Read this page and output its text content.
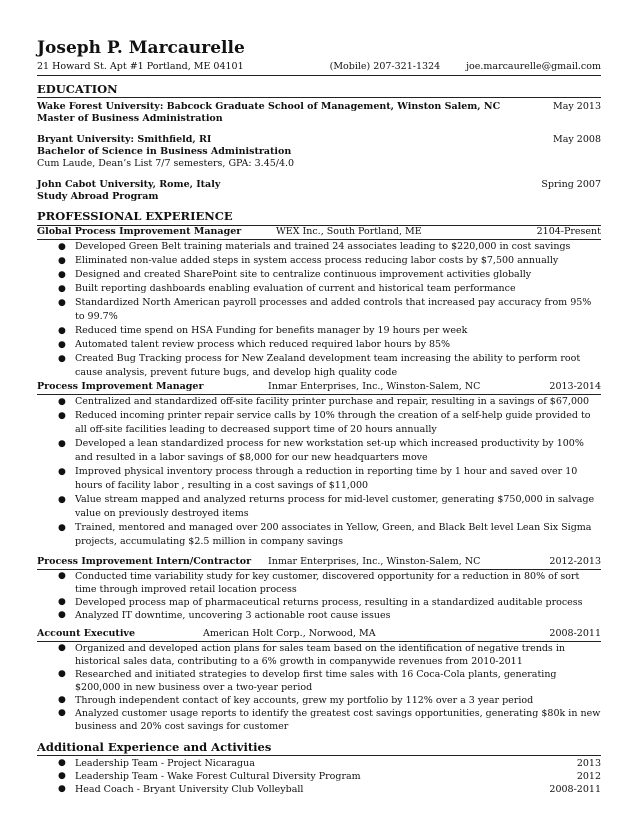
Joseph P. Marcaurelle
21 Howard St. Apt #1 Portland, ME 04101	(Mobile) 207-321-1324	joe.marcaurelle@gmail.com
EDUCATION
Wake Forest University: Babcock Graduate School of Management, Winston Salem, NC	May 2013
Master of Business Administration
Bryant University: Smithfield, RI	May 2008
Bachelor of Science in Business Administration
Cum Laude, Dean’s List 7/7 semesters, GPA: 3.45/4.0
John Cabot University, Rome, Italy	Spring 2007
Study Abroad Program
PROFESSIONAL EXPERIENCE
Global Process Improvement Manager	WEX Inc., South Portland, ME	2104-Present
● Developed Green Belt training materials and trained 24 associates leading to $220,000 in cost savings
● Eliminated non-value added steps in system access process reducing labor costs by $7,500 annually
● Designed and created SharePoint site to centralize continuous improvement activities globally
● Built reporting dashboards enabling evaluation of current and historical team performance
● Standardized North American payroll processes and added controls that increased pay accuracy from 95% to 99.7%
● Reduced time spend on HSA Funding for benefits manager by 19 hours per week
● Automated talent review process which reduced required labor hours by 85%
● Created Bug Tracking process for New Zealand development team increasing the ability to perform root cause analysis, prevent future bugs, and develop high quality code
Process Improvement Manager	Inmar Enterprises, Inc., Winston-Salem, NC	2013-2014
● Centralized and standardized off-site facility printer purchase and repair, resulting in a savings of $67,000
● Reduced incoming printer repair service calls by 10% through the creation of a self-help guide provided to all off-site facilities leading to decreased support time of 20 hours annually
● Developed a lean standardized process for new workstation set-up which increased productivity by 100% and resulted in a labor savings of $8,000 for our new headquarters move
● Improved physical inventory process through a reduction in reporting time by 1 hour and saved over 10 hours of facility labor , resulting in a cost savings of $11,000
● Value stream mapped and analyzed returns process for mid-level customer, generating $750,000 in salvage value on previously destroyed items
● Trained, mentored and managed over 200 associates in Yellow, Green, and Black Belt level Lean Six Sigma projects, accumulating $2.5 million in company savings
Process Improvement Intern/Contractor	Inmar Enterprises, Inc., Winston-Salem, NC	2012-2013
● Conducted time variability study for key customer, discovered opportunity for a reduction in 80% of sort time through improved retail location process
● Developed process map of pharmaceutical returns process, resulting in a standardized auditable process
● Analyzed IT downtime, uncovering 3 actionable root cause issues
Account Executive	American Holt Corp., Norwood, MA	2008-2011
● Organized and developed action plans for sales team based on the identification of negative trends in historical sales data, contributing to a 6% growth in companywide revenues from 2010-2011
● Researched and initiated strategies to develop first time sales with 16 Coca-Cola plants, generating $200,000 in new business over a two-year period
● Through independent contact of key accounts, grew my portfolio by 112% over a 3 year period
● Analyzed customer usage reports to identify the greatest cost savings opportunities, generating $80k in new business and 20% cost savings for customer
Additional Experience and Activities
● Leadership Team - Project Nicaragua	2013
● Leadership Team - Wake Forest Cultural Diversity Program	2012
● Head Coach - Bryant University Club Volleyball	2008-2011
